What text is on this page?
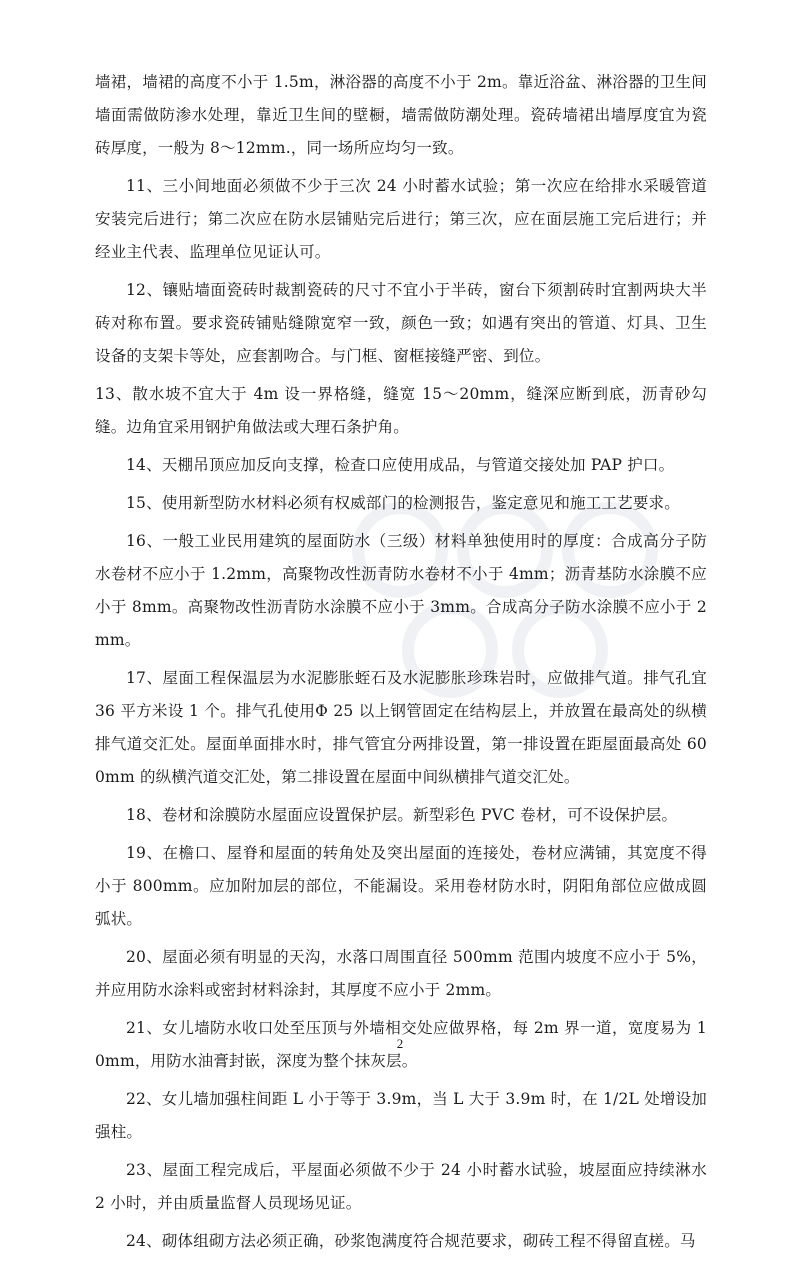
墙裙，墙裙的高度不小于 1.5m，淋浴器的高度不小于 2m。靠近浴盆、淋浴器的卫生间墙面需做防渗水处理，靠近卫生间的壁橱，墙需做防潮处理。瓷砖墙裙出墙厚度宜为瓷砖厚度，一般为 8～12mm.，同一场所应均匀一致。

11、三小间地面必须做不少于三次 24 小时蓄水试验；第一次应在给排水采暖管道安装完后进行；第二次应在防水层铺贴完后进行；第三次，应在面层施工完后进行；并经业主代表、监理单位见证认可。

12、镶贴墙面瓷砖时裁割瓷砖的尺寸不宜小于半砖，窗台下须割砖时宜割两块大半砖对称布置。要求瓷砖铺贴缝隙宽窄一致，颜色一致；如遇有突出的管道、灯具、卫生设备的支架卡等处，应套割吻合。与门框、窗框接缝严密、到位。

13、散水坡不宜大于 4m 设一界格缝，缝宽 15～20mm，缝深应断到底，沥青砂勾缝。边角宜采用钢护角做法或大理石条护角。

14、天棚吊顶应加反向支撑，检查口应使用成品，与管道交接处加 PAP 护口。

15、使用新型防水材料必须有权威部门的检测报告，鉴定意见和施工工艺要求。

16、一般工业民用建筑的屋面防水（三级）材料单独使用时的厚度：合成高分子防水卷材不应小于 1.2mm，高聚物改性沥青防水卷材不小于 4mm；沥青基防水涂膜不应小于 8mm。高聚物改性沥青防水涂膜不应小于 3mm。合成高分子防水涂膜不应小于 2mm。

17、屋面工程保温层为水泥膨胀蛭石及水泥膨胀珍珠岩时，应做排气道。排气孔宜 36 平方米设 1 个。排气孔使用Φ 25 以上钢管固定在结构层上，并放置在最高处的纵横排气道交汇处。屋面单面排水时，排气管宜分两排设置，第一排设置在距屋面最高处 600mm 的纵横汽道交汇处，第二排设置在屋面中间纵横排气道交汇处。

18、卷材和涂膜防水屋面应设置保护层。新型彩色 PVC 卷材，可不设保护层。

19、在檐口、屋脊和屋面的转角处及突出屋面的连接处，卷材应满铺，其宽度不得小于 800mm。应加附加层的部位，不能漏设。采用卷材防水时，阴阳角部位应做成圆弧状。

20、屋面必须有明显的天沟，水落口周围直径 500mm 范围内坡度不应小于 5%，并应用防水涂料或密封材料涂封，其厚度不应小于 2mm。

21、女儿墙防水收口处至压顶与外墙相交处应做界格，每 2m 界一道，宽度易为 10mm，用防水油膏封嵌，深度为整个抹灰层。

22、女儿墙加强柱间距 L 小于等于 3.9m，当 L 大于 3.9m 时，在 1/2L 处增设加强柱。

23、屋面工程完成后，平屋面必须做不少于 24 小时蓄水试验，坡屋面应持续淋水 2 小时，并由质量监督人员现场见证。

24、砌体组砌方法必须正确，砂浆饱满度符合规范要求，砌砖工程不得留直槎。马

2
